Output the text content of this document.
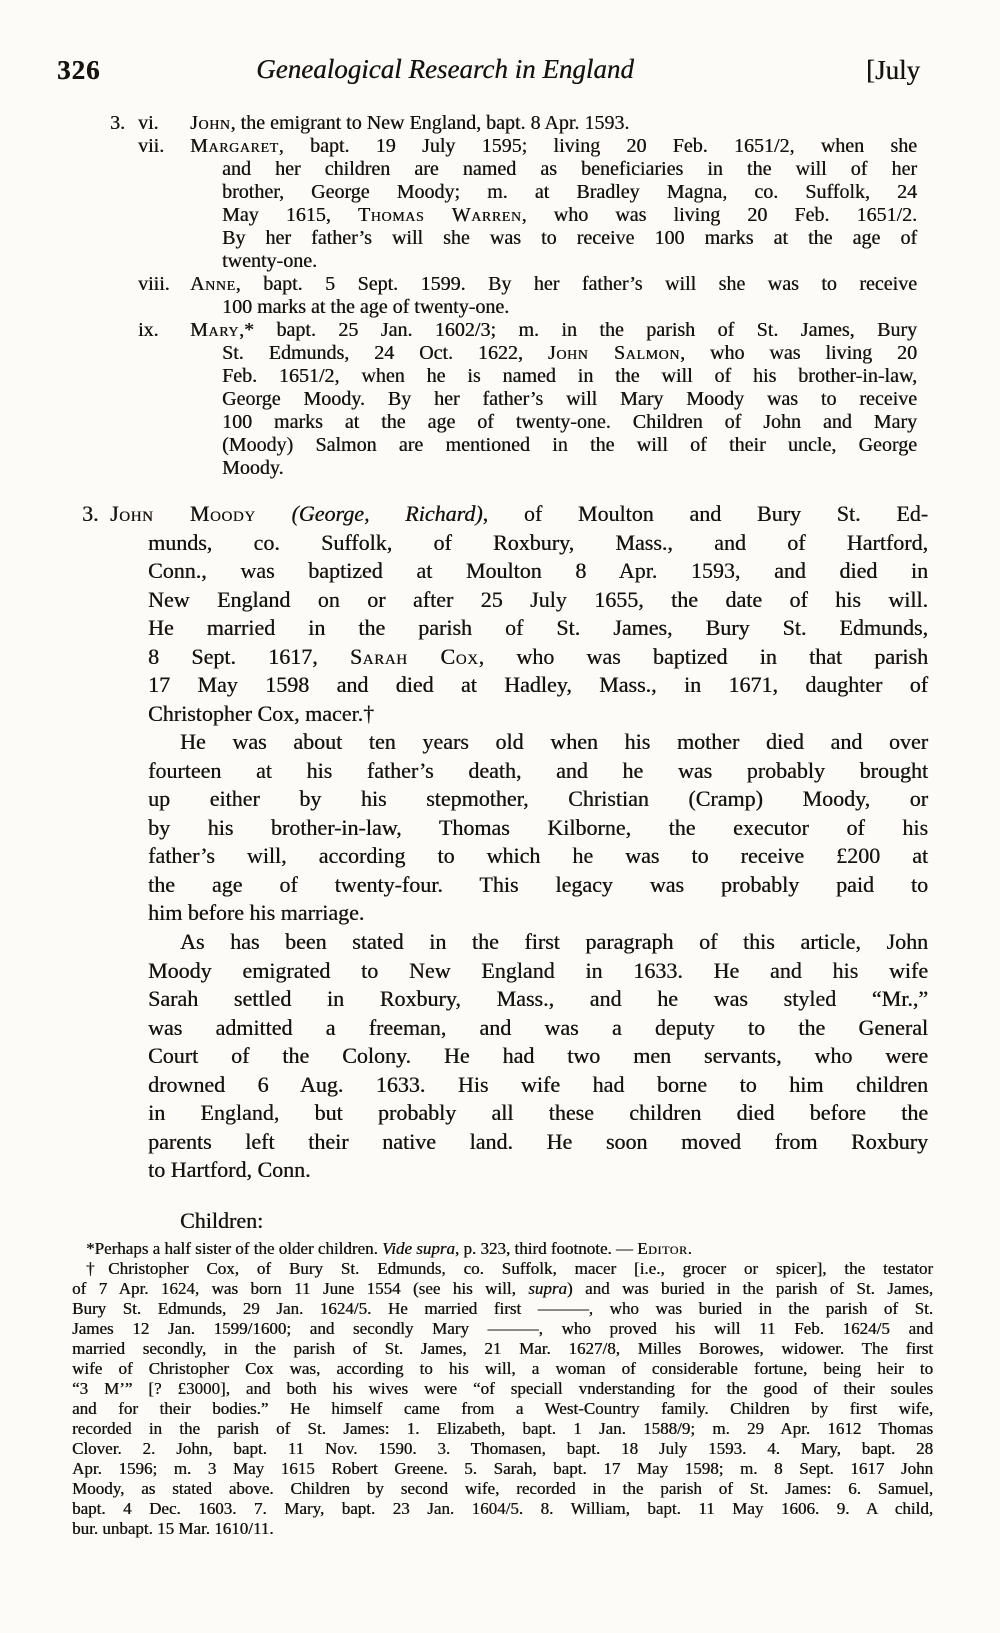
326	Genealogical Research in England	[July
3. vi. John, the emigrant to New England, bapt. 8 Apr. 1593.
vii. Margaret, bapt. 19 July 1595; living 20 Feb. 1651/2, when she
and her children are named as beneficiaries in the will of her
brother, George Moody; m. at Bradley Magna, co. Suffolk, 24
May 1615, Thomas Warren, who was living 20 Feb. 1651/2.
By her father’s will she was to receive 100 marks at the age of
twenty-one.
viii. Anne, bapt. 5 Sept. 1599. By her father’s will she was to receive
100 marks at the age of twenty-one.
ix. Mary,* bapt. 25 Jan. 1602/3; m. in the parish of St. James, Bury
St. Edmunds, 24 Oct. 1622, John Salmon, who was living 20
Feb. 1651/2, when he is named in the will of his brother-in-law,
George Moody. By her father’s will Mary Moody was to receive
100 marks at the age of twenty-one. Children of John and Mary
(Moody) Salmon are mentioned in the will of their uncle, George
Moody.
3. John Moody (George, Richard), of Moulton and Bury St. Ed-
munds, co. Suffolk, of Roxbury, Mass., and of Hartford,
Conn., was baptized at Moulton 8 Apr. 1593, and died in
New England on or after 25 July 1655, the date of his will.
He married in the parish of St. James, Bury St. Edmunds,
8 Sept. 1617, Sarah Cox, who was baptized in that parish
17 May 1598 and died at Hadley, Mass., in 1671, daughter of
Christopher Cox, macer.†
He was about ten years old when his mother died and over
fourteen at his father’s death, and he was probably brought
up either by his stepmother, Christian (Cramp) Moody, or
by his brother-in-law, Thomas Kilborne, the executor of his
father’s will, according to which he was to receive £200 at
the age of twenty-four. This legacy was probably paid to
him before his marriage.
As has been stated in the first paragraph of this article, John
Moody emigrated to New England in 1633. He and his wife
Sarah settled in Roxbury, Mass., and he was styled “Mr.,”
was admitted a freeman, and was a deputy to the General
Court of the Colony. He had two men servants, who were
drowned 6 Aug. 1633. His wife had borne to him children
in England, but probably all these children died before the
parents left their native land. He soon moved from Roxbury
to Hartford, Conn.
Children:
*Perhaps a half sister of the older children. Vide supra, p. 323, third footnote. — Editor.
†Christopher Cox, of Bury St. Edmunds, co. Suffolk, macer [i.e., grocer or spicer], the testator
of 7 Apr. 1624, was born 11 June 1554 (see his will, supra) and was buried in the parish of St. James,
Bury St. Edmunds, 29 Jan. 1624/5. He married first ———, who was buried in the parish of St.
James 12 Jan. 1599/1600; and secondly Mary ———, who proved his will 11 Feb. 1624/5 and
married secondly, in the parish of St. James, 21 Mar. 1627/8, Milles Borowes, widower. The first
wife of Christopher Cox was, according to his will, a woman of considerable fortune, being heir to
“3 M’” [? £3000], and both his wives were “of speciall vnderstanding for the good of their soules
and for their bodies.” He himself came from a West-Country family. Children by first wife,
recorded in the parish of St. James: 1. Elizabeth, bapt. 1 Jan. 1588/9; m. 29 Apr. 1612 Thomas
Clover. 2. John, bapt. 11 Nov. 1590. 3. Thomasen, bapt. 18 July 1593. 4. Mary, bapt. 28
Apr. 1596; m. 3 May 1615 Robert Greene. 5. Sarah, bapt. 17 May 1598; m. 8 Sept. 1617 John
Moody, as stated above. Children by second wife, recorded in the parish of St. James: 6. Samuel,
bapt. 4 Dec. 1603. 7. Mary, bapt. 23 Jan. 1604/5. 8. William, bapt. 11 May 1606. 9. A child,
bur. unbapt. 15 Mar. 1610/11.
